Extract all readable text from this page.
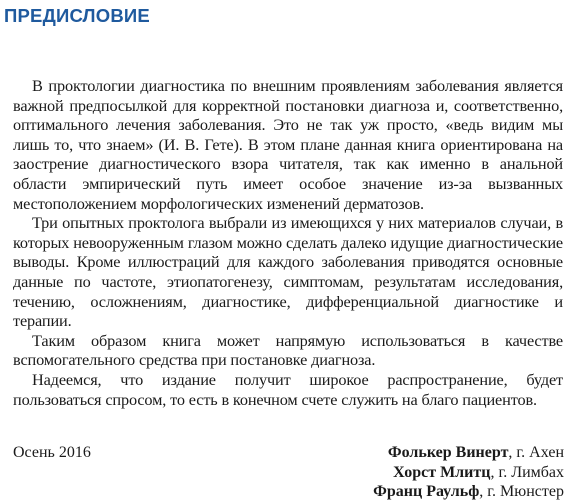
ПРЕДИСЛОВИЕ

В проктологии диагностика по внешним проявлениям заболевания является важной предпосылкой для корректной постановки диагноза и, соответственно, оптимального лечения заболевания. Это не так уж просто, «ведь видим мы лишь то, что знаем» (И. В. Гете). В этом плане данная книга ориентирована на заострение диагностического взора читателя, так как именно в анальной области эмпирический путь имеет особое значение из-за вызванных местоположением морфологических изменений дерматозов.

Три опытных проктолога выбрали из имеющихся у них материалов случаи, в которых невооруженным глазом можно сделать далеко идущие диагностические выводы. Кроме иллюстраций для каждого заболевания приводятся основные данные по частоте, этиопатогенезу, симптомам, результатам исследования, течению, осложнениям, диагностике, дифференциальной диагностике и терапии.

Таким образом книга может напрямую использоваться в качестве вспомогательного средства при постановке диагноза.

Надеемся, что издание получит широкое распространение, будет пользоваться спросом, то есть в конечном счете служить на благо пациентов.

Осень 2016	Фолькер Винерт, г. Ахен
Хорст Млитц, г. Лимбах
Франц Раульф, г. Мюнстер
